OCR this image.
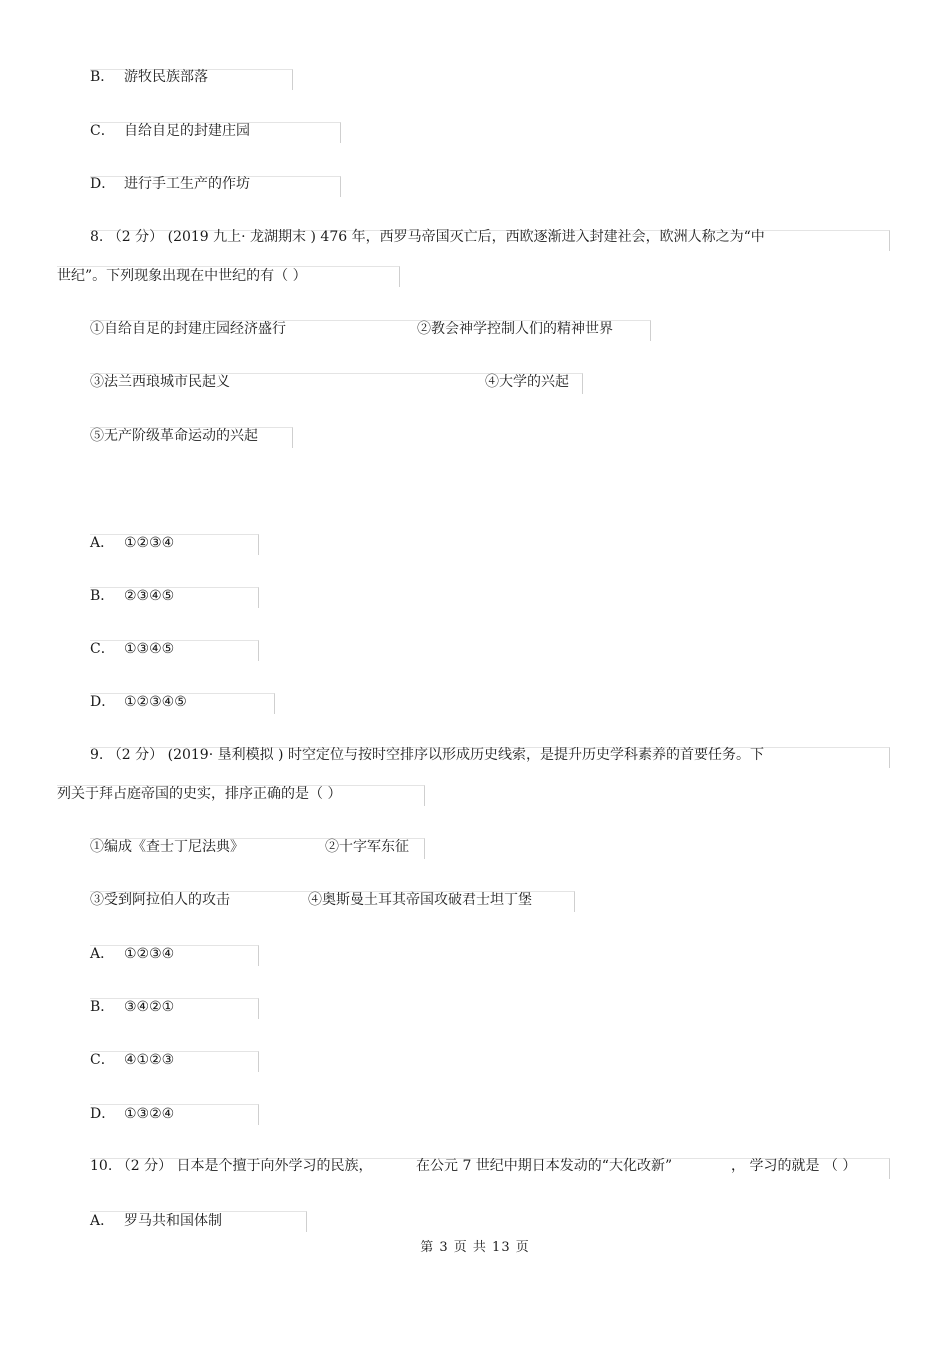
B． 游牧民族部落
C． 自给自足的封建庄园
D． 进行手工生产的作坊
8. （2 分） (2019 九上· 龙湖期末 ) 476 年，西罗马帝国灭亡后，西欧逐渐进入封建社会，欧洲人称之为“中
世纪”。下列现象出现在中世纪的有（ ）
①自给自足的封建庄园经济盛行	②教会神学控制人们的精神世界
③法兰西琅城市民起义	④大学的兴起
⑤无产阶级革命运动的兴起
A． ①②③④
B． ②③④⑤
C． ①③④⑤
D． ①②③④⑤
9. （2 分） (2019· 垦利模拟 ) 时空定位与按时空排序以形成历史线索，是提升历史学科素养的首要任务。下
列关于拜占庭帝国的史实，排序正确的是（ ）
①编成《查士丁尼法典》	②十字军东征
③受到阿拉伯人的攻击	④奥斯曼土耳其帝国攻破君士坦丁堡
A． ①②③④
B． ③④②①
C． ④①②③
D． ①③②④
10. （2 分） 日本是个擅于向外学习的民族，	在公元 7 世纪中期日本发动的“大化改新”	， 学习的就是 （ ）
A． 罗马共和国体制
第 3 页 共 13 页
